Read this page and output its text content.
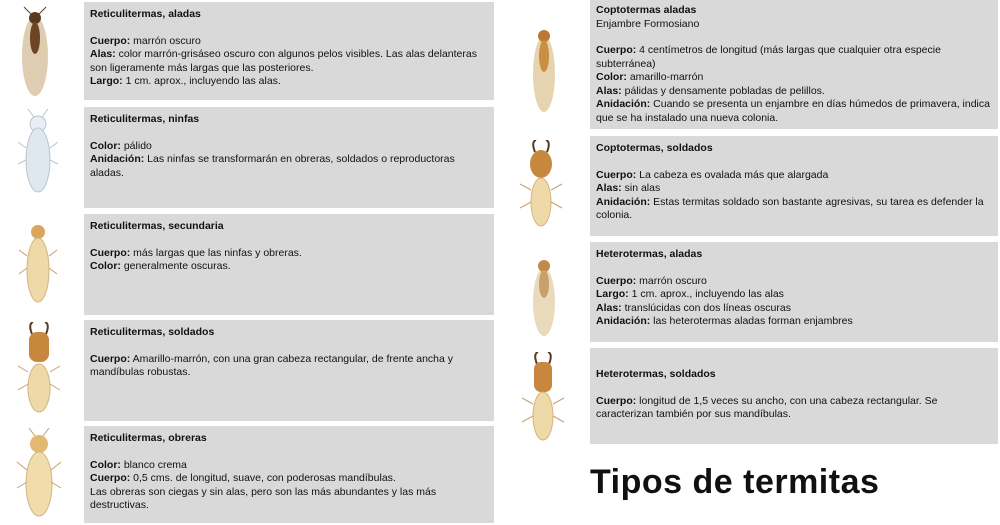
Reticulitermas, aladas
Cuerpo: marrón oscuro
Alas: color marrón-grisáseo oscuro con algunos pelos visibles. Las alas delanteras son ligeramente más largas que las posteriores.
Largo: 1 cm. aprox., incluyendo las alas.
Reticulitermas, ninfas
Color: pálido
Anidación: Las ninfas se transformarán en obreras, soldados o reproductoras aladas.
Reticulitermas, secundaria
Cuerpo: más largas que las ninfas y obreras.
Color: generalmente oscuras.
Reticulitermas, soldados
Cuerpo: Amarillo-marrón, con una gran cabeza rectangular, de frente ancha y mandíbulas robustas.
Reticulitermas, obreras
Color: blanco crema
Cuerpo: 0,5 cms. de longitud, suave, con poderosas mandíbulas.
Las obreras son ciegas y sin alas, pero son las más abundantes y las más destructivas.
Coptotermas aladas
Enjambre Formosiano
Cuerpo: 4 centímetros de longitud (más largas que cualquier otra especie subterránea)
Color: amarillo-marrón
Alas: pálidas y densamente pobladas de pelillos.
Anidación: Cuando se presenta un enjambre en días húmedos de primavera, indica que se ha instalado una nueva colonia.
Coptotermas, soldados
Cuerpo: La cabeza es ovalada más que alargada
Alas: sin alas
Anidación: Estas termitas soldado son bastante agresivas, su tarea es defender la colonia.
Heterotermas, aladas
Cuerpo: marrón oscuro
Largo: 1 cm. aprox., incluyendo las alas
Alas: translúcidas con dos líneas oscuras
Anidación: las heterotermas aladas forman enjambres
Heterotermas, soldados
Cuerpo: longitud de 1,5 veces su ancho, con una cabeza rectangular. Se caracterizan también por sus mandíbulas.
Tipos de termitas
